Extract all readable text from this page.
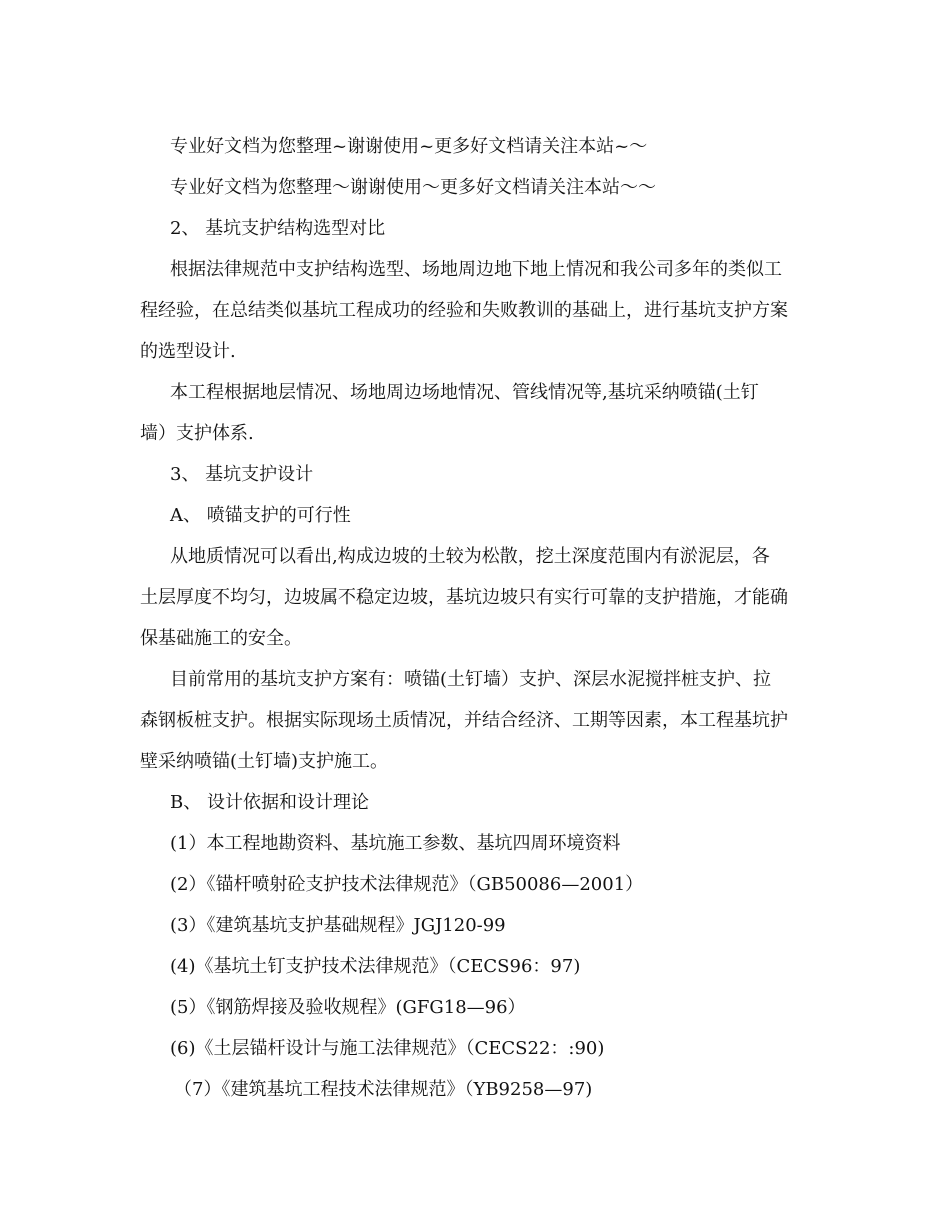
专业好文档为您整理~谢谢使用~更多好文档请关注本站~～
专业好文档为您整理～谢谢使用～更多好文档请关注本站～～
2、 基坑支护结构选型对比
根据法律规范中支护结构选型、场地周边地下地上情况和我公司多年的类似工
程经验，在总结类似基坑工程成功的经验和失败教训的基础上，进行基坑支护方案
的选型设计.
本工程根据地层情况、场地周边场地情况、管线情况等,基坑采纳喷锚(土钉
墙）支护体系.
3、 基坑支护设计
A、 喷锚支护的可行性
从地质情况可以看出,构成边坡的土较为松散，挖土深度范围内有淤泥层，各
土层厚度不均匀，边坡属不稳定边坡，基坑边坡只有实行可靠的支护措施，才能确
保基础施工的安全。
目前常用的基坑支护方案有：喷锚(土钉墙）支护、深层水泥搅拌桩支护、拉
森钢板桩支护。根据实际现场土质情况，并结合经济、工期等因素，本工程基坑护
壁采纳喷锚(土钉墙)支护施工。
B、 设计依据和设计理论
(1）本工程地勘资料、基坑施工参数、基坑四周环境资料
(2）《锚杆喷射砼支护技术法律规范》（GB50086—2001）
(3）《建筑基坑支护基础规程》JGJ120-99
(4)《基坑土钉支护技术法律规范》（CECS96：97)
(5）《钢筋焊接及验收规程》(GFG18—96）
(6)《土层锚杆设计与施工法律规范》（CECS22：:90)
（7）《建筑基坑工程技术法律规范》（YB9258—97)
